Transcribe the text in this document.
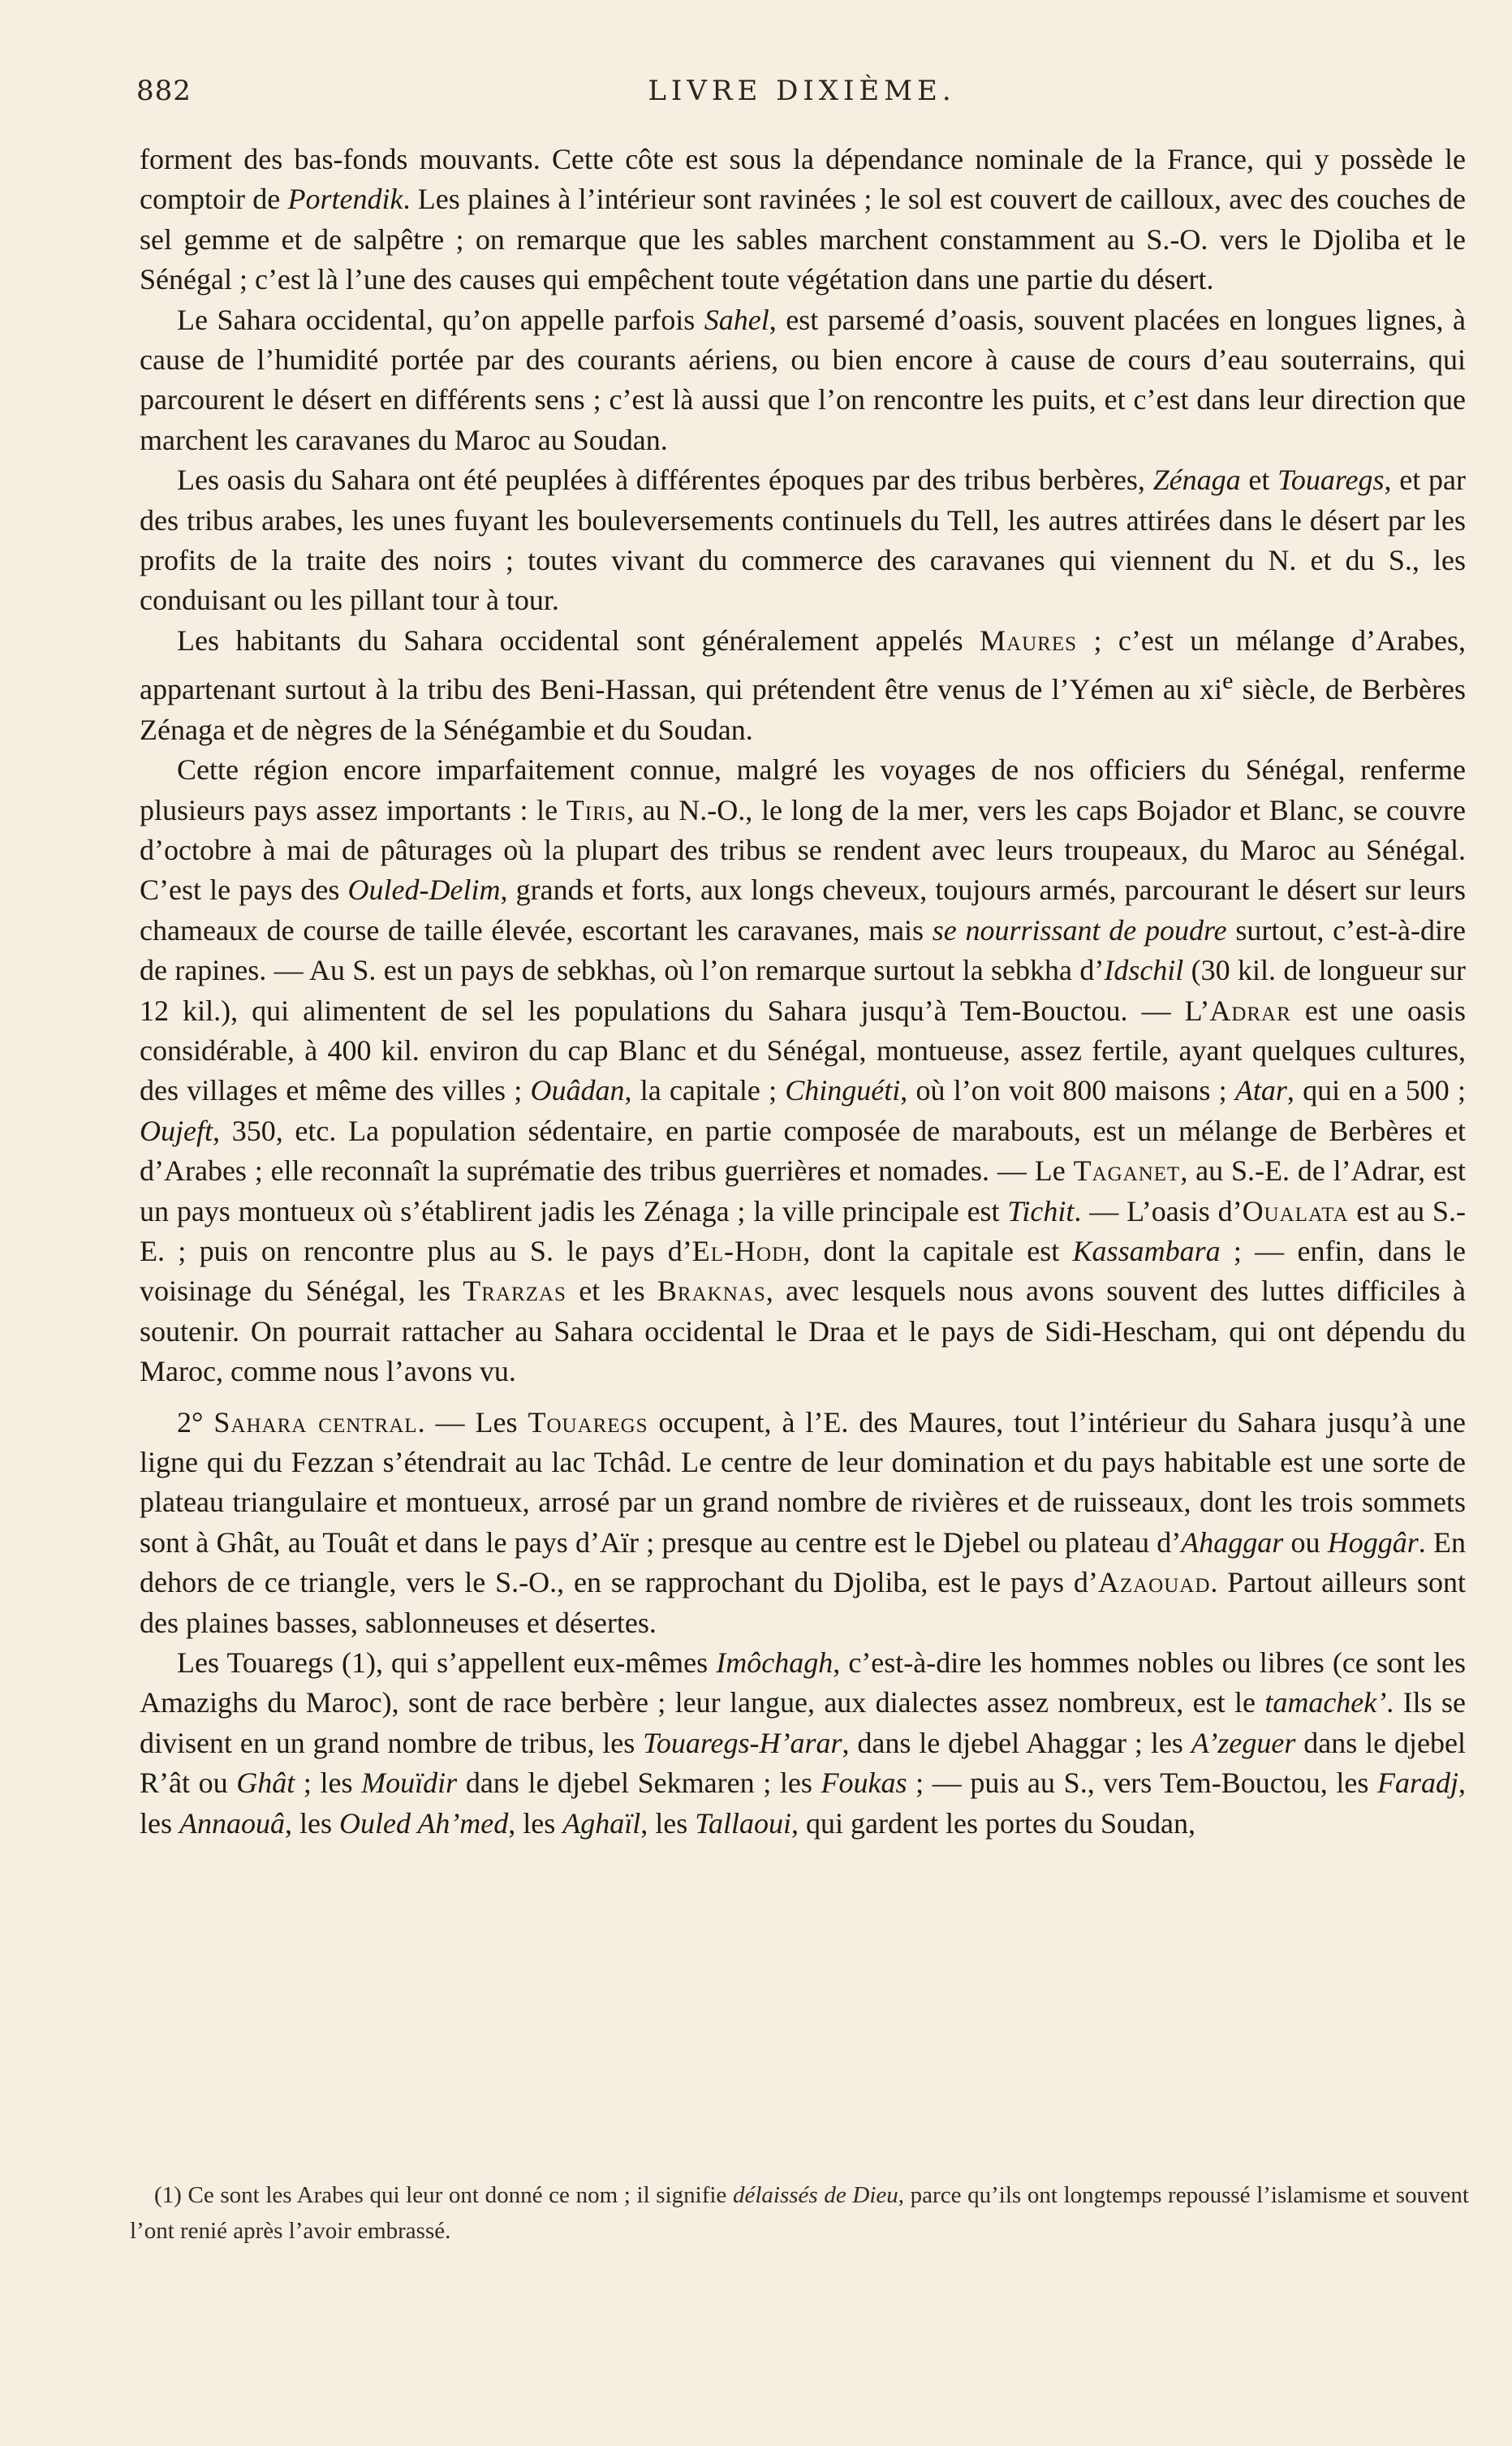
882	LIVRE DIXIÈME.

forment des bas-fonds mouvants. Cette côte est sous la dépendance nominale de la France, qui y possède le comptoir de Portendik. Les plaines à l’intérieur sont ravinées ; le sol est couvert de cailloux, avec des couches de sel gemme et de salpêtre ; on remarque que les sables marchent constamment au S.-O. vers le Djoliba et le Sénégal ; c’est là l’une des causes qui empêchent toute végétation dans une partie du désert.

Le Sahara occidental, qu’on appelle parfois Sahel, est parsemé d’oasis, souvent placées en longues lignes, à cause de l’humidité portée par des courants aériens, ou bien encore à cause de cours d’eau souterrains, qui parcourent le désert en différents sens ; c’est là aussi que l’on rencontre les puits, et c’est dans leur direction que marchent les caravanes du Maroc au Soudan.

Les oasis du Sahara ont été peuplées à différentes époques par des tribus berbères, Zénaga et Touaregs, et par des tribus arabes, les unes fuyant les bouleversements continuels du Tell, les autres attirées dans le désert par les profits de la traite des noirs ; toutes vivant du commerce des caravanes qui viennent du N. et du S., les conduisant ou les pillant tour à tour.

Les habitants du Sahara occidental sont généralement appelés Maures ; c’est un mélange d’Arabes, appartenant surtout à la tribu des Beni-Hassan, qui prétendent être venus de l’Yémen au $xi^e$ siècle, de Berbères Zénaga et de nègres de la Sénégambie et du Soudan.

Cette région encore imparfaitement connue, malgré les voyages de nos officiers du Sénégal, renferme plusieurs pays assez importants : le Tiris, au N.-O., le long de la mer, vers les caps Bojador et Blanc, se couvre d’octobre à mai de pâturages où la plupart des tribus se rendent avec leurs troupeaux, du Maroc au Sénégal. C’est le pays des Ouled-Delim, grands et forts, aux longs cheveux, toujours armés, parcourant le désert sur leurs chameaux de course de taille élevée, escortant les caravanes, mais se nourrissant de poudre surtout, c’est-à-dire de rapines. — Au S. est un pays de sebkhas, où l’on remarque surtout la sebkha d’Idschil (30 kil. de longueur sur 12 kil.), qui alimentent de sel les populations du Sahara jusqu’à Tem-Bouctou. — L’Adrar est une oasis considérable, à 400 kil. environ du cap Blanc et du Sénégal, montueuse, assez fertile, ayant quelques cultures, des villages et même des villes ; Ouâdan, la capitale ; Chinguéti, où l’on voit 800 maisons ; Atar, qui en a 500 ; Oujeft, 350, etc. La population sédentaire, en partie composée de marabouts, est un mélange de Berbères et d’Arabes ; elle reconnaît la suprématie des tribus guerrières et nomades. — Le Taganet, au S.-E. de l’Adrar, est un pays montueux où s’établirent jadis les Zénaga ; la ville principale est Tichit. — L’oasis d’Oualata est au S.-E. ; puis on rencontre plus au S. le pays d’El-Hodh, dont la capitale est Kassambara ; — enfin, dans le voisinage du Sénégal, les Trarzas et les Braknas, avec lesquels nous avons souvent des luttes difficiles à soutenir. On pourrait rattacher au Sahara occidental le Draa et le pays de Sidi-Hescham, qui ont dépendu du Maroc, comme nous l’avons vu.

2° Sahara central. — Les Touaregs occupent, à l’E. des Maures, tout l’intérieur du Sahara jusqu’à une ligne qui du Fezzan s’étendrait au lac Tchâd. Le centre de leur domination et du pays habitable est une sorte de plateau triangulaire et montueux, arrosé par un grand nombre de rivières et de ruisseaux, dont les trois sommets sont à Ghât, au Touât et dans le pays d’Aïr ; presque au centre est le Djebel ou plateau d’Ahaggar ou Hoggâr. En dehors de ce triangle, vers le S.-O., en se rapprochant du Djoliba, est le pays d’Azaouad. Partout ailleurs sont des plaines basses, sablonneuses et désertes.

Les Touaregs (1), qui s’appellent eux-mêmes Imôchagh, c’est-à-dire les hommes nobles ou libres (ce sont les Amazighs du Maroc), sont de race berbère ; leur langue, aux dialectes assez nombreux, est le tamachek’. Ils se divisent en un grand nombre de tribus, les Touaregs-H’arar, dans le djebel Ahaggar ; les A’zeguer dans le djebel R’ât ou Ghât ; les Mouïdir dans le djebel Sekmaren ; les Foukas ; — puis au S., vers Tem-Bouctou, les Faradj, les Annaouâ, les Ouled Ah’med, les Aghaïl, les Tallaoui, qui gardent les portes du Soudan,

(1) Ce sont les Arabes qui leur ont donné ce nom ; il signifie délaissés de Dieu, parce qu’ils ont longtemps repoussé l’islamisme et souvent l’ont renié après l’avoir embrassé.
